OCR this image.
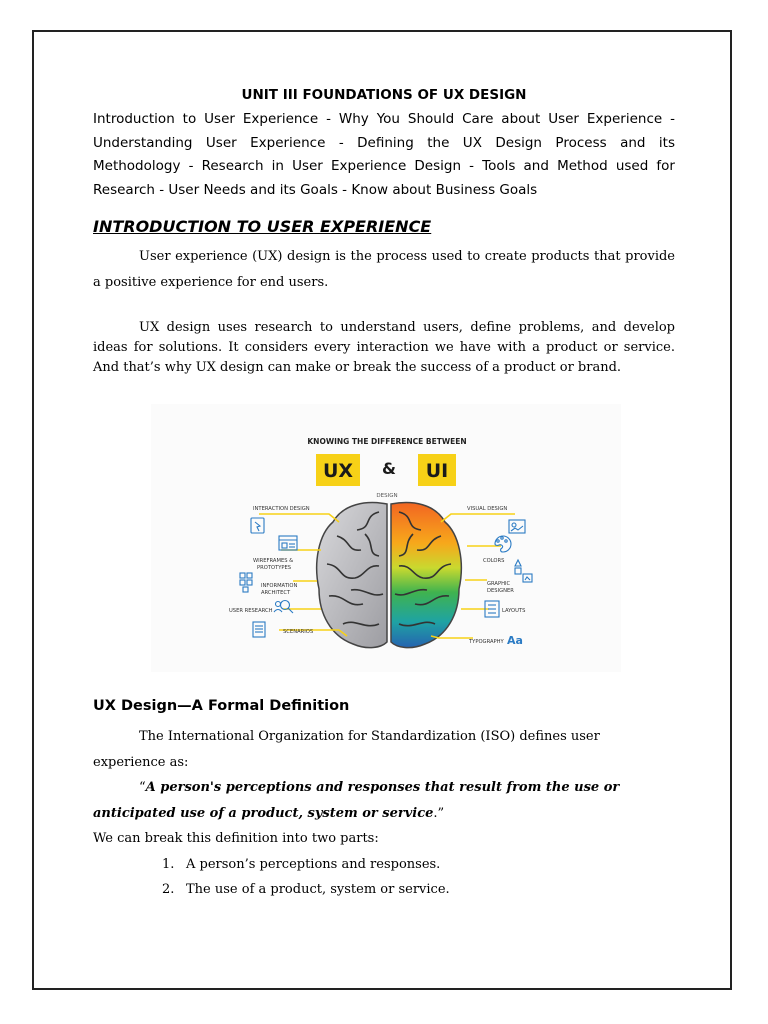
UNIT III FOUNDATIONS OF UX DESIGN

Introduction to User Experience - Why You Should Care about User Experience - Understanding User Experience - Defining the UX Design Process and its Methodology - Research in User Experience Design - Tools and Method used for Research - User Needs and its Goals - Know about Business Goals

INTRODUCTION TO USER EXPERIENCE

User experience (UX) design is the process used to create products that provide a positive experience for end users.

UX design uses research to understand users, define problems, and develop ideas for solutions. It considers every interaction we have with a product or service. And that’s why UX design can make or break the success of a product or brand.

KNOWING THE DIFFERENCE BETWEEN
UX & UI
DESIGN
INTERACTION DESIGN
WIREFRAMES &
PROTOTYPES
INFORMATION
ARCHITECT
USER RESEARCH
SCENARIOS
VISUAL DESIGN
COLORS
GRAPHIC
DESIGNER
LAYOUTS
TYPOGRAPHY Aa
UX Design—A Formal Definition

The International Organization for Standardization (ISO) defines user experience as:

“A person's perceptions and responses that result from the use or anticipated use of a product, system or service.”

We can break this definition into two parts:

1. A person’s perceptions and responses.
2. The use of a product, system or service.
